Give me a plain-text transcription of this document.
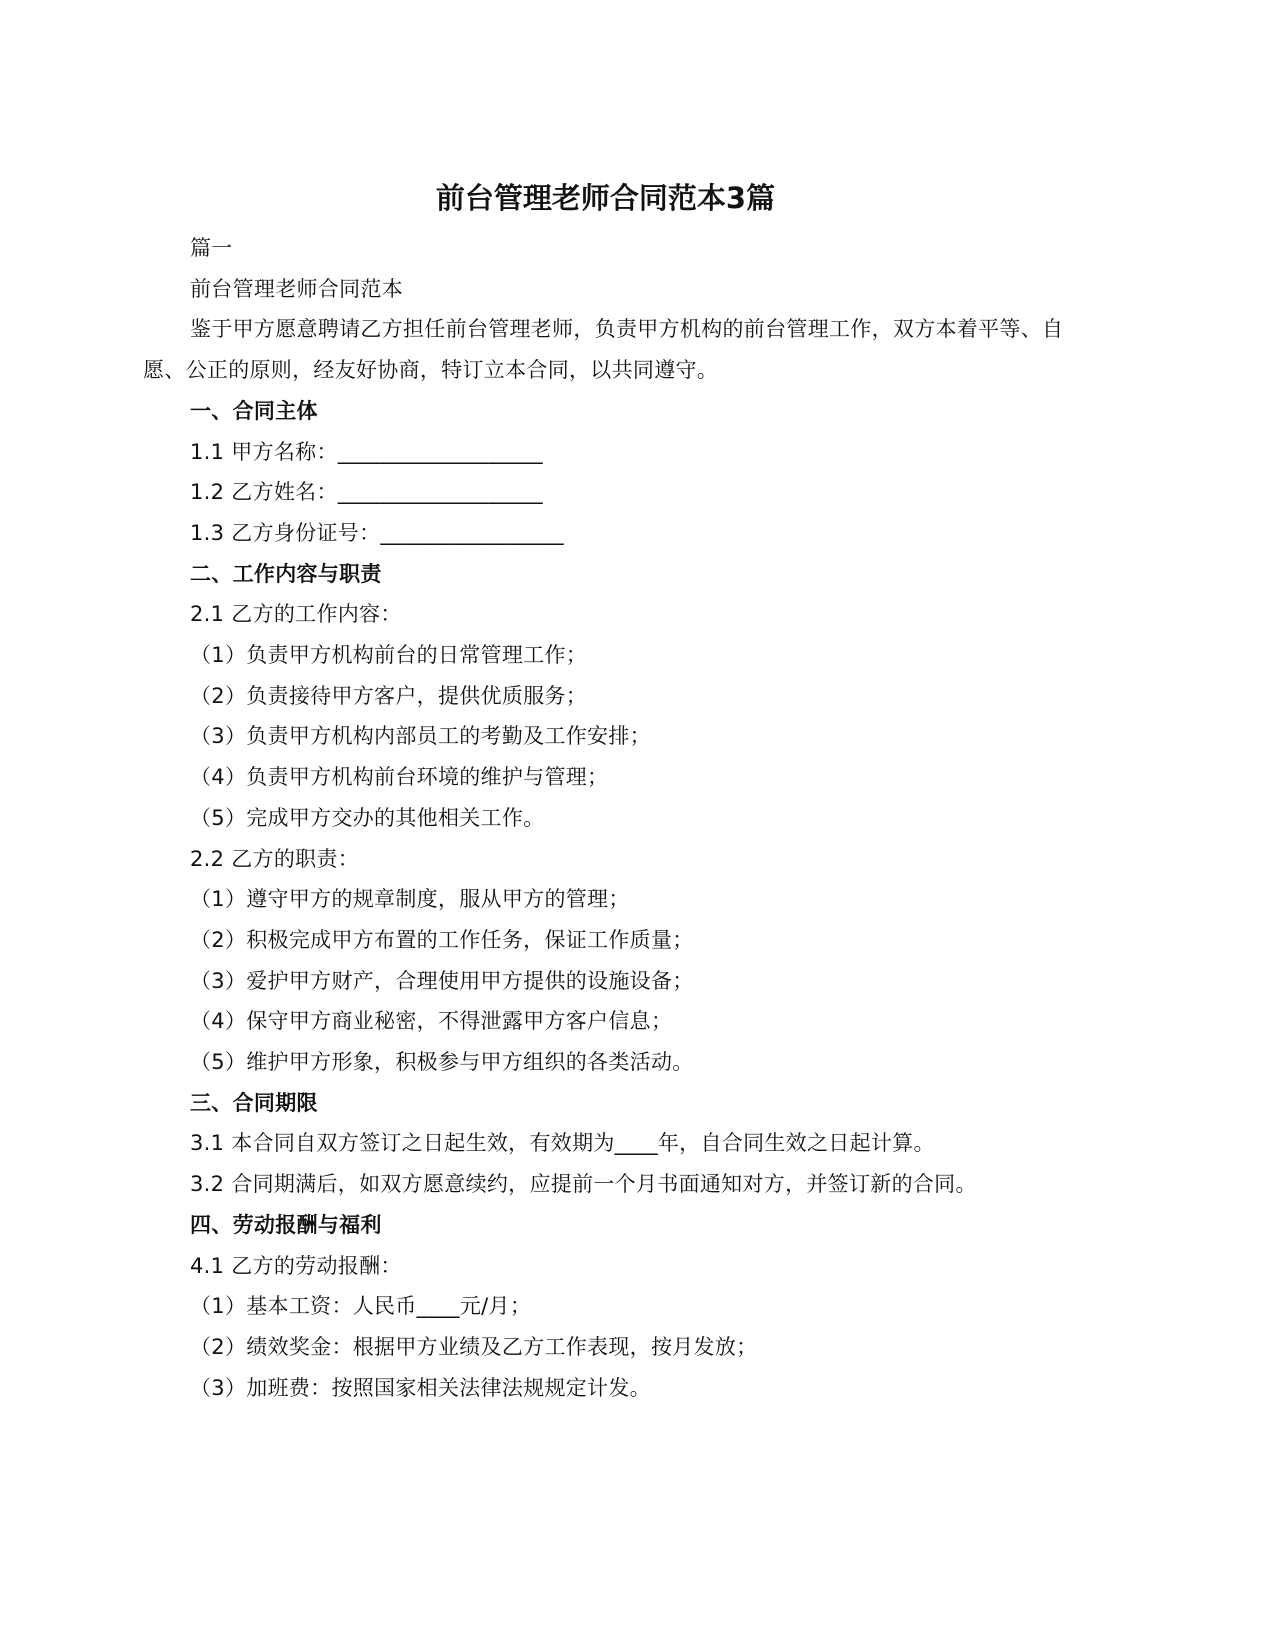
前台管理老师合同范本3篇
篇一
前台管理老师合同范本
鉴于甲方愿意聘请乙方担任前台管理老师，负责甲方机构的前台管理工作，双方本着平等、自愿、公正的原则，经友好协商，特订立本合同，以共同遵守。
一、合同主体
1.1 甲方名称：___________________
1.2 乙方姓名：___________________
1.3 乙方身份证号：_________________
二、工作内容与职责
2.1 乙方的工作内容：
（1）负责甲方机构前台的日常管理工作；
（2）负责接待甲方客户，提供优质服务；
（3）负责甲方机构内部员工的考勤及工作安排；
（4）负责甲方机构前台环境的维护与管理；
（5）完成甲方交办的其他相关工作。
2.2 乙方的职责：
（1）遵守甲方的规章制度，服从甲方的管理；
（2）积极完成甲方布置的工作任务，保证工作质量；
（3）爱护甲方财产，合理使用甲方提供的设施设备；
（4）保守甲方商业秘密，不得泄露甲方客户信息；
（5）维护甲方形象，积极参与甲方组织的各类活动。
三、合同期限
3.1 本合同自双方签订之日起生效，有效期为____年，自合同生效之日起计算。
3.2 合同期满后，如双方愿意续约，应提前一个月书面通知对方，并签订新的合同。
四、劳动报酬与福利
4.1 乙方的劳动报酬：
（1）基本工资：人民币____元/月；
（2）绩效奖金：根据甲方业绩及乙方工作表现，按月发放；
（3）加班费：按照国家相关法律法规规定计发。
